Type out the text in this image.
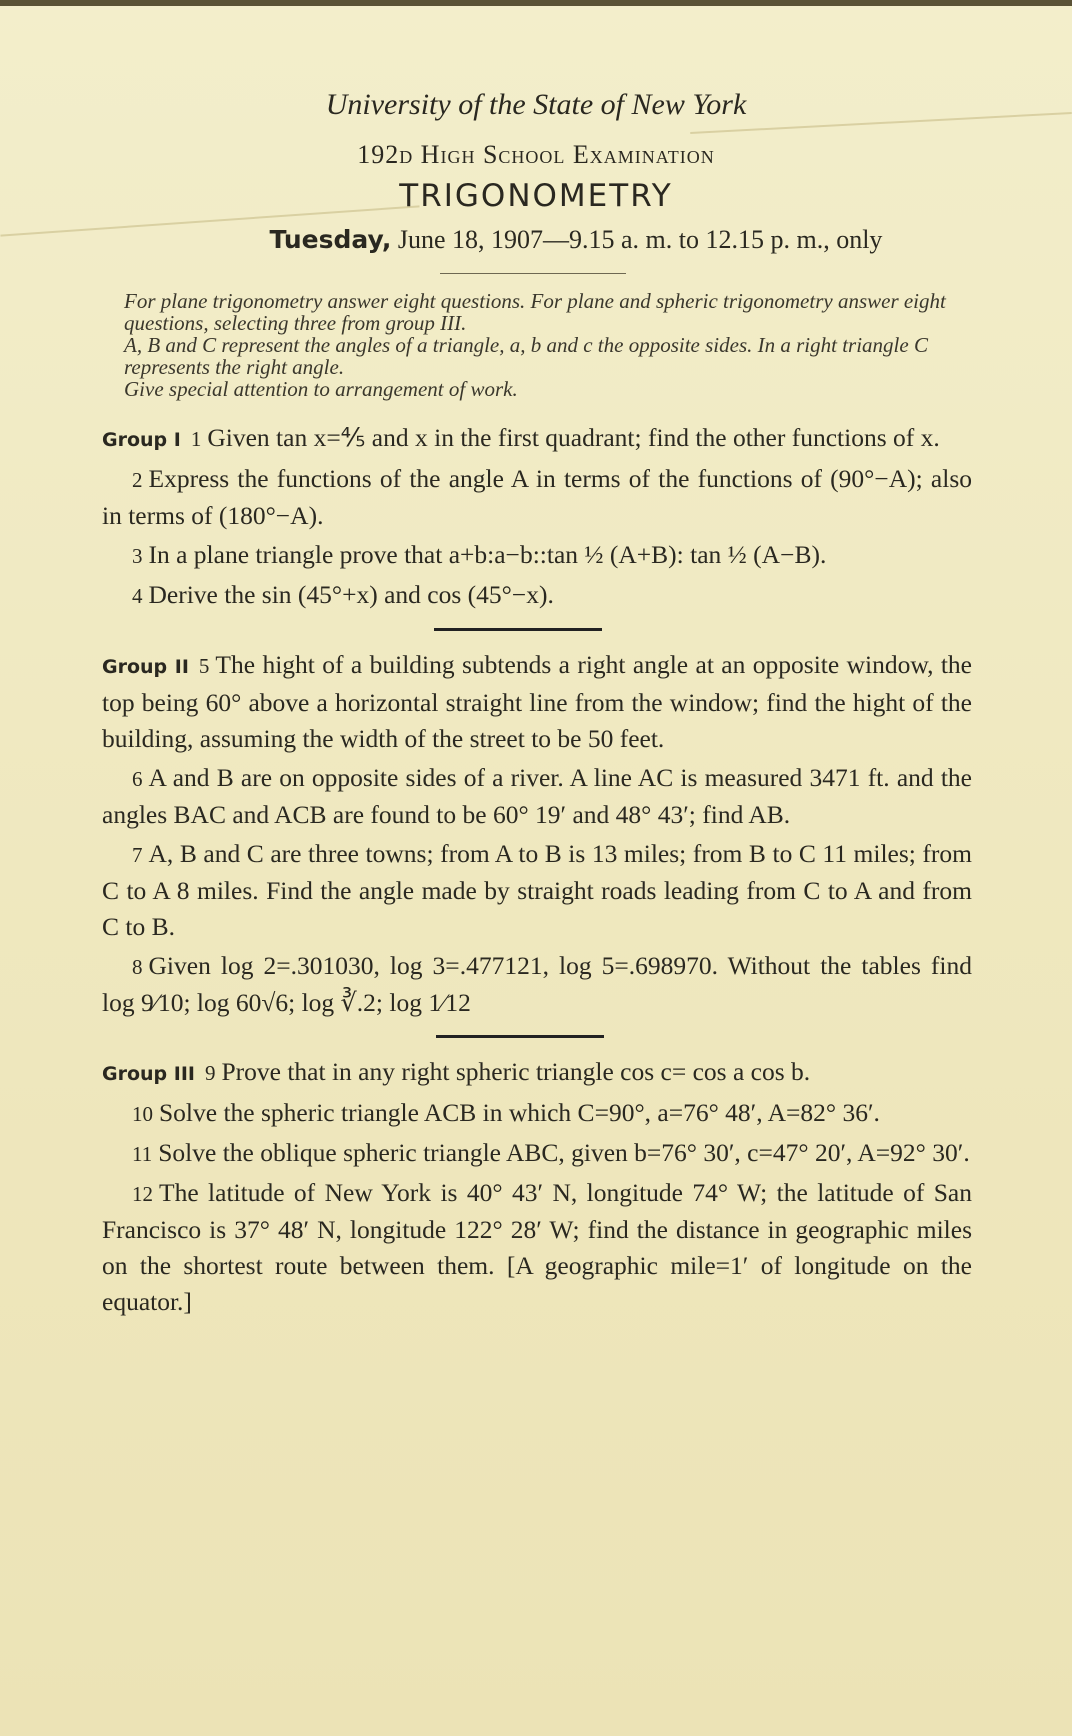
University of the State of New York
192d High School Examination
TRIGONOMETRY
Tuesday, June 18, 1907—9.15 a. m. to 12.15 p. m., only

For plane trigonometry answer eight questions. For plane and spheric trigonometry answer eight questions, selecting three from group III.

A, B and C represent the angles of a triangle, a, b and c the opposite sides. In a right triangle C represents the right angle.

Give special attention to arrangement of work.

Group I 1 Given tan x=⅘ and x in the first quadrant; find the other functions of x.

2 Express the functions of the angle A in terms of the functions of (90°−A); also in terms of (180°−A).

3 In a plane triangle prove that a+b:a−b::tan ½ (A+B): tan ½ (A−B).

4 Derive the sin (45°+x) and cos (45°−x).

Group II 5 The hight of a building subtends a right angle at an opposite window, the top being 60° above a horizontal straight line from the window; find the hight of the building, assuming the width of the street to be 50 feet.

6 A and B are on opposite sides of a river. A line AC is measured 3471 ft. and the angles BAC and ACB are found to be 60° 19′ and 48° 43′; find AB.

7 A, B and C are three towns; from A to B is 13 miles; from B to C 11 miles; from C to A 8 miles. Find the angle made by straight roads leading from C to A and from C to B.

8 Given log 2=.301030, log 3=.477121, log 5=.698970. Without the tables find log 9⁄10; log 60√6; log ∛.2; log 1⁄12

Group III 9 Prove that in any right spheric triangle cos c= cos a cos b.

10 Solve the spheric triangle ACB in which C=90°, a=76° 48′, A=82° 36′.

11 Solve the oblique spheric triangle ABC, given b=76° 30′, c=47° 20′, A=92° 30′.

12 The latitude of New York is 40° 43′ N, longitude 74° W; the latitude of San Francisco is 37° 48′ N, longitude 122° 28′ W; find the distance in geographic miles on the shortest route between them. [A geographic mile=1′ of longitude on the equator.]
